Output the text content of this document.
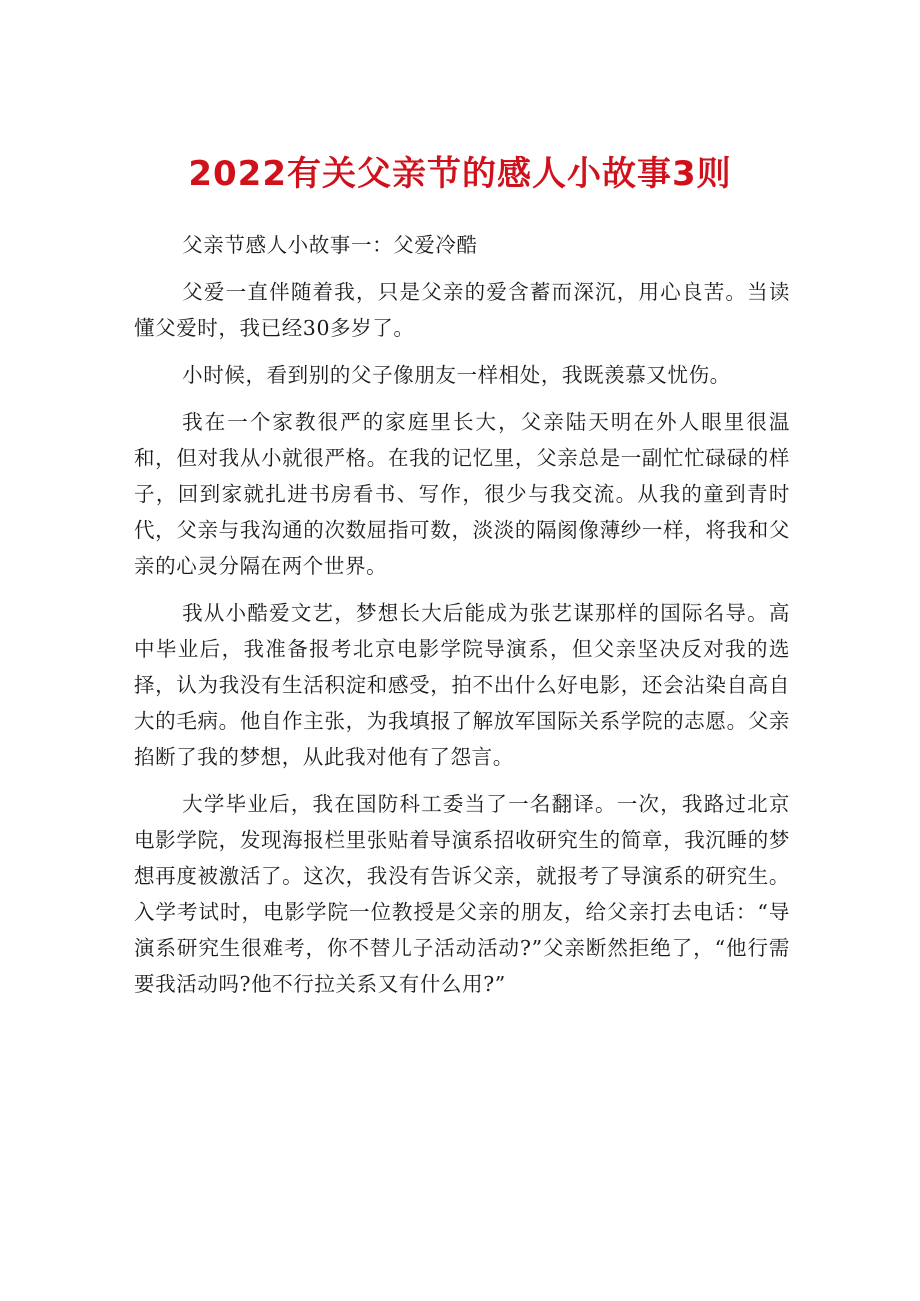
2022有关父亲节的感人小故事3则

父亲节感人小故事一：父爱冷酷

父爱一直伴随着我，只是父亲的爱含蓄而深沉，用心良苦。当读懂父爱时，我已经30多岁了。

小时候，看到别的父子像朋友一样相处，我既羡慕又忧伤。

我在一个家教很严的家庭里长大，父亲陆天明在外人眼里很温和，但对我从小就很严格。在我的记忆里，父亲总是一副忙忙碌碌的样子，回到家就扎进书房看书、写作，很少与我交流。从我的童到青时代，父亲与我沟通的次数屈指可数，淡淡的隔阂像薄纱一样，将我和父亲的心灵分隔在两个世界。

我从小酷爱文艺，梦想长大后能成为张艺谋那样的国际名导。高中毕业后，我准备报考北京电影学院导演系，但父亲坚决反对我的选择，认为我没有生活积淀和感受，拍不出什么好电影，还会沾染自高自大的毛病。他自作主张，为我填报了解放军国际关系学院的志愿。父亲掐断了我的梦想，从此我对他有了怨言。

大学毕业后，我在国防科工委当了一名翻译。一次，我路过北京电影学院，发现海报栏里张贴着导演系招收研究生的简章，我沉睡的梦想再度被激活了。这次，我没有告诉父亲，就报考了导演系的研究生。入学考试时，电影学院一位教授是父亲的朋友，给父亲打去电话：“导演系研究生很难考，你不替儿子活动活动?”父亲断然拒绝了，“他行需要我活动吗?他不行拉关系又有什么用?”
